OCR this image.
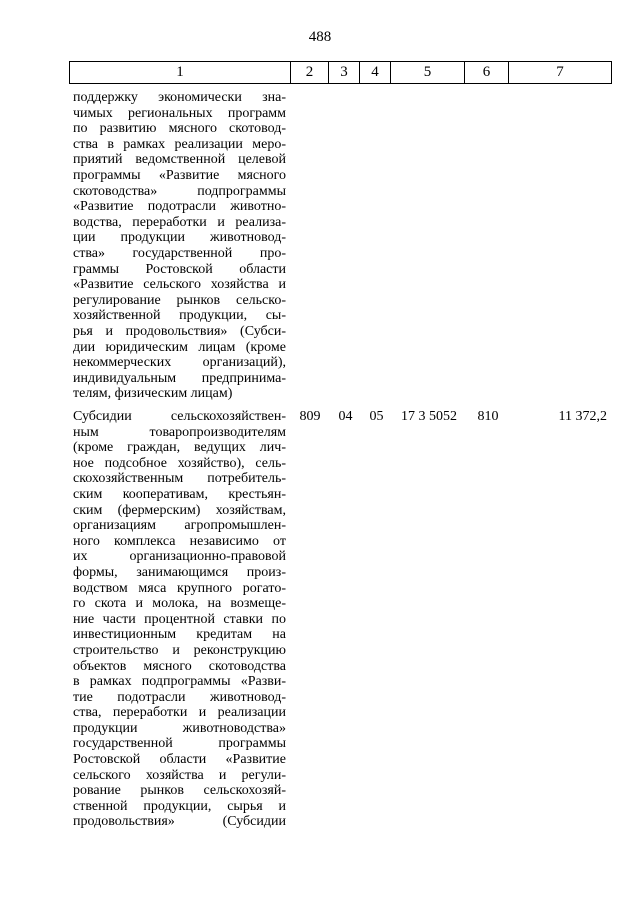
488
1	2	3	4	5	6	7
поддержку экономически зна-
чимых региональных программ
по развитию мясного скотовод-
ства в рамках реализации меро-
приятий ведомственной целевой
программы «Развитие мясного
скотоводства» подпрограммы
«Развитие подотрасли животно-
водства, переработки и реализа-
ции продукции животновод-
ства» государственной про-
граммы Ростовской области
«Развитие сельского хозяйства и
регулирование рынков сельско-
хозяйственной продукции, сы-
рья и продовольствия» (Субси-
дии юридическим лицам (кроме
некоммерческих организаций),
индивидуальным предпринима-
телям, физическим лицам)
Субсидии сельскохозяйствен-
ным товаропроизводителям
(кроме граждан, ведущих лич-
ное подсобное хозяйство), сель-
скохозяйственным потребитель-
ским кооперативам, крестьян-
ским (фермерским) хозяйствам,
организациям агропромышлен-
ного комплекса независимо от
их организационно-правовой
формы, занимающимся произ-
водством мяса крупного рогато-
го скота и молока, на возмеще-
ние части процентной ставки по
инвестиционным кредитам на
строительство и реконструкцию
объектов мясного скотоводства
в рамках подпрограммы «Разви-
тие подотрасли животновод-
ства, переработки и реализации
продукции животноводства»
государственной программы
Ростовской области «Развитие
сельского хозяйства и регули-
рование рынков сельскохозяй-
ственной продукции, сырья и
продовольствия» (Субсидии
809	04	05	17 3 5052	810	11 372,2
